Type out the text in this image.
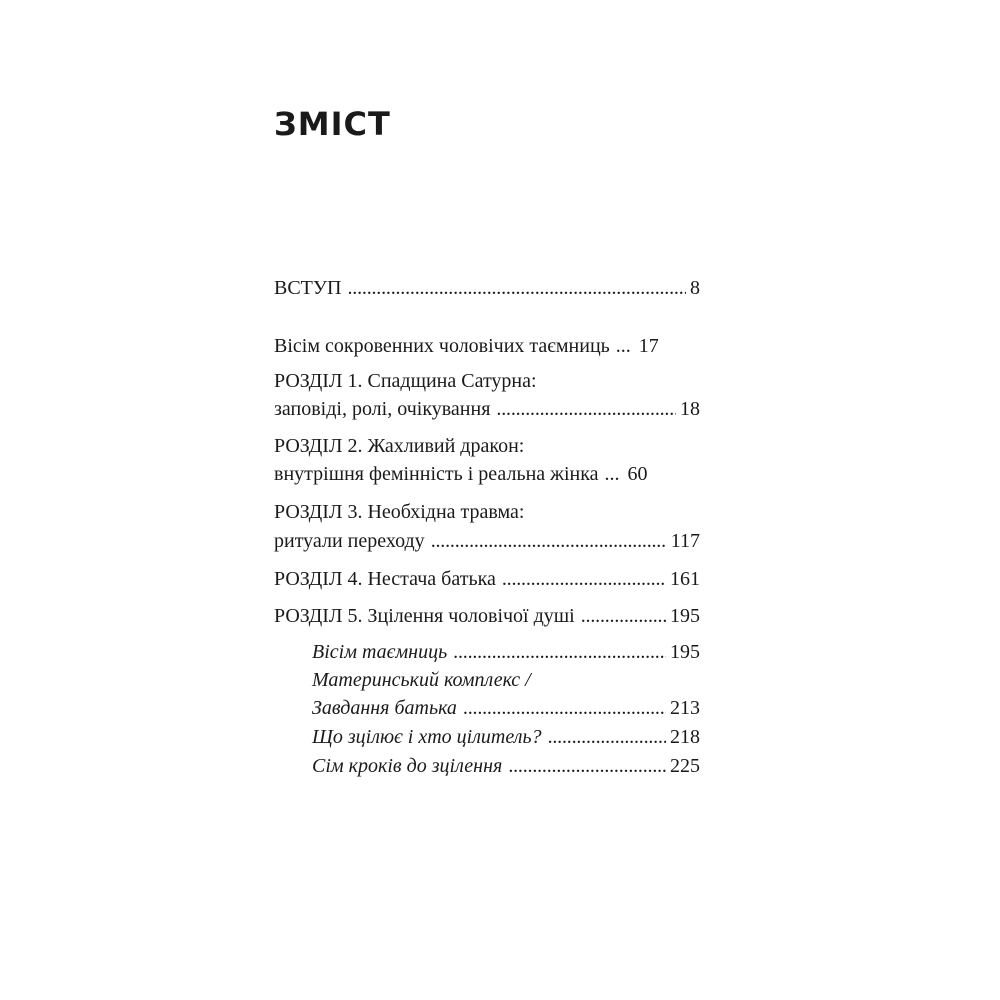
ЗМІСТ
ВСТУП . . .	8
Вісім сокровенних чоловічих таємниць ... 17
РОЗДІЛ 1. Спадщина Сатурна:
заповіді, ролі, очікування . . .	18
РОЗДІЛ 2. Жахливий дракон:
внутрішня фемінність і реальна жінка ... 60
РОЗДІЛ 3. Необхідна травма:
ритуали переходу . . .	117
РОЗДІЛ 4. Нестача батька . . .	161
РОЗДІЛ 5. Зцілення чоловічої душі . . .	195
Вісім таємниць . . .	195
Материнський комплекс /
Завдання батька . . .	213
Що зцілює і хто цілитель? . . .	218
Сім кроків до зцілення . . .	225
